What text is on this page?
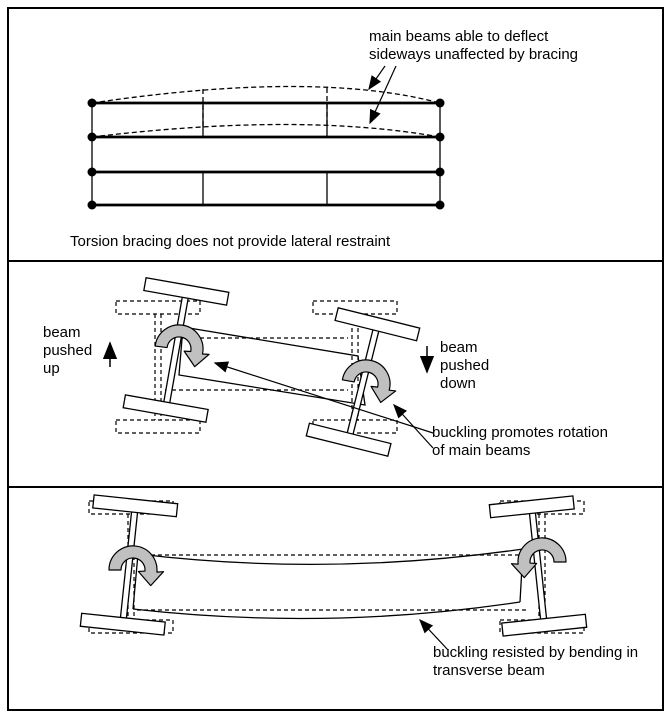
main beams able to deflect
sideways unaffected by bracing
Torsion bracing does not provide lateral restraint
beam
pushed
up
beam
pushed
down
buckling promotes rotation
of main beams
buckling resisted by bending in
transverse beam
